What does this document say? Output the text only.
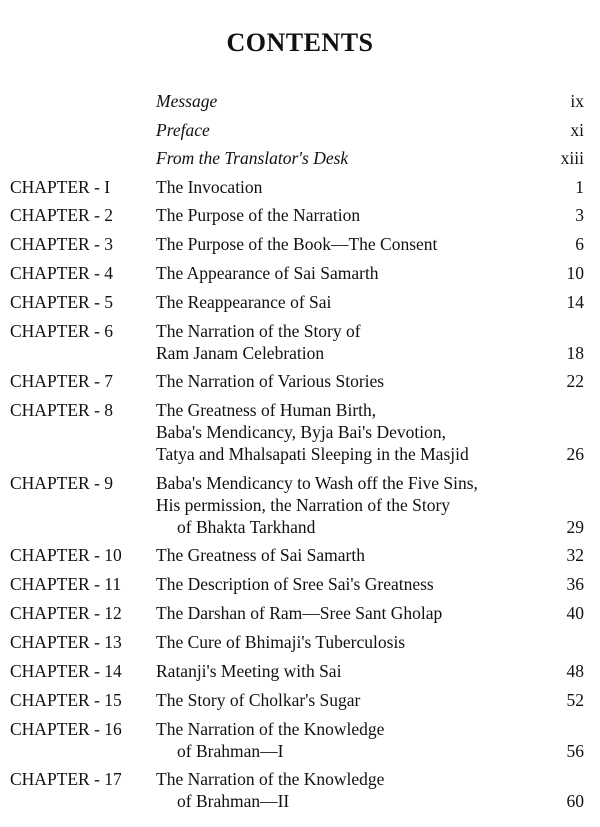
CONTENTS
Message	ix
Preface	xi
From the Translator's Desk	xiii
CHAPTER - I	The Invocation	1
CHAPTER - 2 The Purpose of the Narration	3
CHAPTER - 3 The Purpose of the Book—The Consent	6
CHAPTER - 4 The Appearance of Sai Samarth	10
CHAPTER - 5 The Reappearance of Sai	14
CHAPTER - 6 The Narration of the Story of
Ram Janam Celebration	18
CHAPTER - 7 The Narration of Various Stories	22
CHAPTER - 8 The Greatness of Human Birth,
Baba's Mendicancy, Byja Bai's Devotion,
Tatya and Mhalsapati Sleeping in the Masjid	26
CHAPTER - 9 Baba's Mendicancy to Wash off the Five Sins,
His permission, the Narration of the Story
of Bhakta Tarkhand	29
CHAPTER - 10 The Greatness of Sai Samarth	32
CHAPTER - 11 The Description of Sree Sai's Greatness	36
CHAPTER - 12 The Darshan of Ram—Sree Sant Gholap	40
CHAPTER - 13 The Cure of Bhimaji's Tuberculosis
CHAPTER - 14 Ratanji's Meeting with Sai	48
CHAPTER - 15 The Story of Cholkar's Sugar	52
CHAPTER - 16 The Narration of the Knowledge
of Brahman—I	56
CHAPTER - 17 The Narration of the Knowledge
of Brahman—II	60
